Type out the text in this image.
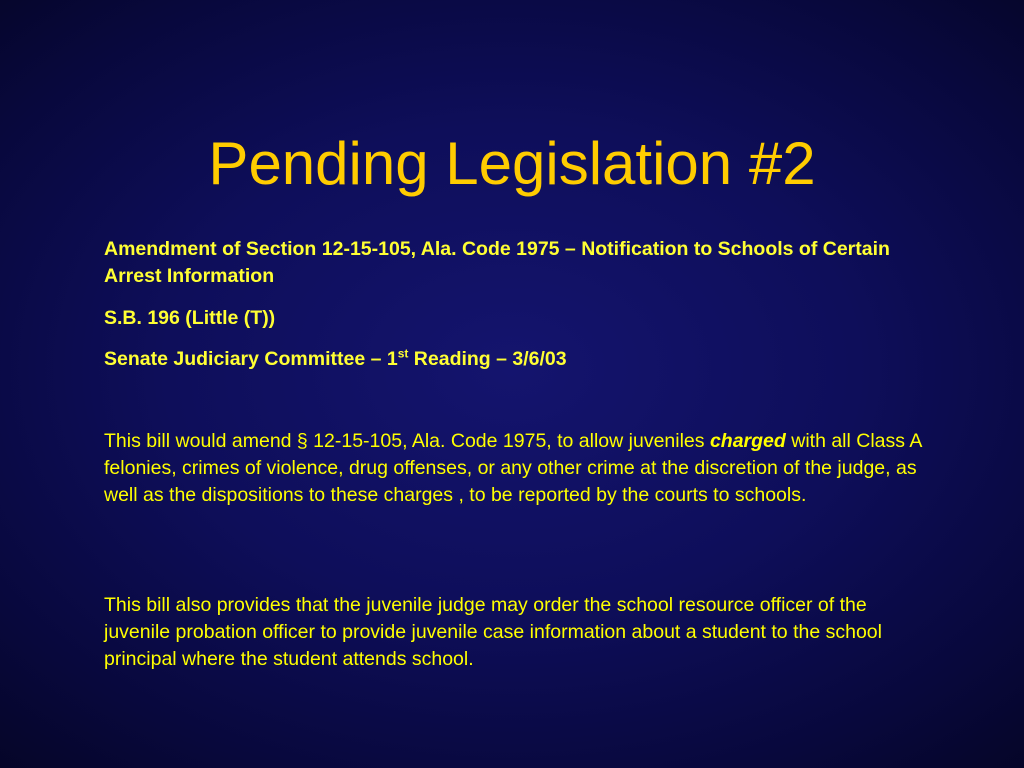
Pending Legislation #2

Amendment of Section 12-15-105, Ala. Code 1975 – Notification to Schools of Certain Arrest Information

S.B. 196 (Little (T))

Senate Judiciary Committee – 1st Reading – 3/6/03

This bill would amend § 12-15-105, Ala. Code 1975, to allow juveniles charged with all Class A felonies, crimes of violence, drug offenses, or any other crime at the discretion of the judge, as well as the dispositions to these charges , to be reported by the courts to schools.

This bill also provides that the juvenile judge may order the school resource officer of the juvenile probation officer to provide juvenile case information about a student to the school principal where the student attends school.
